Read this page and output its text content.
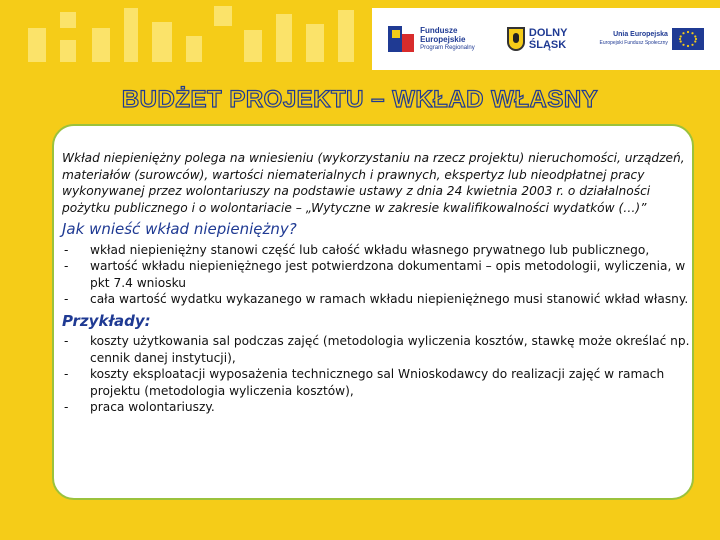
Fundusze
Europejskie
Program Regionalny
DOLNY
ŚLĄSK
Unia Europejska
Europejski Fundusz Społeczny
BUDŻET PROJEKTU – WKŁAD WŁASNY

Wkład niepieniężny polega na wniesieniu (wykorzystaniu na rzecz projektu) nieruchomości, urządzeń, materiałów (surowców), wartości niematerialnych i prawnych, ekspertyz lub nieodpłatnej pracy wykonywanej przez wolontariuszy na podstawie ustawy z dnia 24 kwietnia 2003 r. o działalności pożytku publicznego i o wolontariacie – „Wytyczne w zakresie kwalifikowalności wydatków (…)”

Jak wnieść wkład niepieniężny?
- wkład niepieniężny stanowi część lub całość wkładu własnego prywatnego lub publicznego,
- wartość wkładu niepieniężnego jest potwierdzona dokumentami – opis metodologii, wyliczenia, w pkt 7.4 wniosku
- cała wartość wydatku wykazanego w ramach wkładu niepieniężnego musi stanowić wkład własny.
Przykłady:
- koszty użytkowania sal podczas zajęć (metodologia wyliczenia kosztów, stawkę może określać np. cennik danej instytucji),
- koszty eksploatacji wyposażenia technicznego sal Wnioskodawcy do realizacji zajęć w ramach projektu (metodologia wyliczenia kosztów),
- praca wolontariuszy.
